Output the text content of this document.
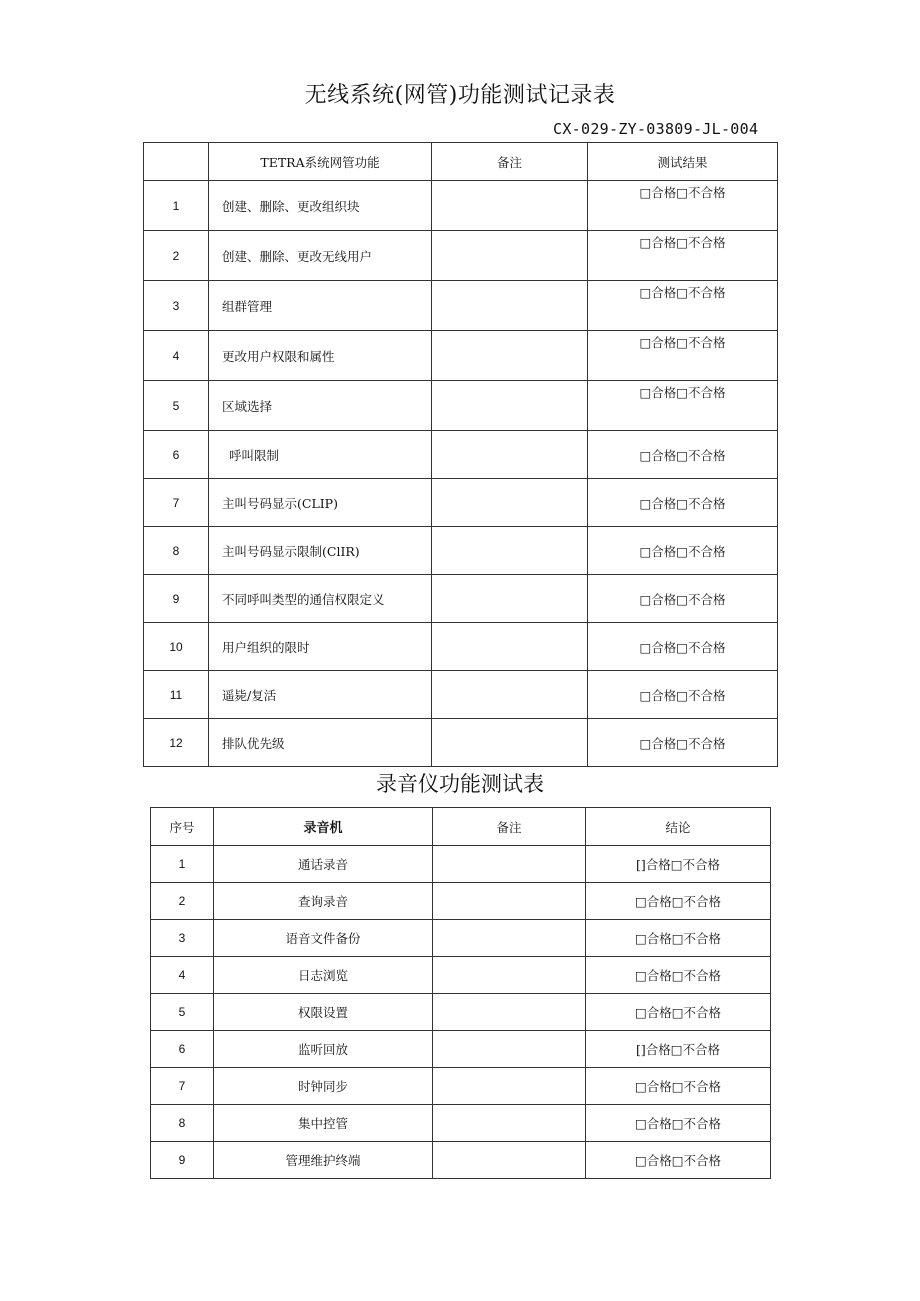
无线系统(网管)功能测试记录表
CX-029-ZY-03809-JL-004
	TETRA系统网管功能	备注	测试结果
1	创建、删除、更改组织块		□合格□不合格
2	创建、删除、更改无线用户		□合格□不合格
3	组群管理		□合格□不合格
4	更改用户权限和属性		□合格□不合格
5	区域选择		□合格□不合格
6	呼叫限制		□合格□不合格
7	主叫号码显示(CLIP)		□合格□不合格
8	主叫号码显示限制(ClIR)		□合格□不合格
9	不同呼叫类型的通信权限定义		□合格□不合格
10	用户组织的限时		□合格□不合格
11	遥毙/复活		□合格□不合格
12	排队优先级		□合格□不合格
录音仪功能测试表
序号	录音机	备注	结论
1	通话录音		[]合格□不合格
2	查询录音		□合格□不合格
3	语音文件备份		□合格□不合格
4	日志浏览		□合格□不合格
5	权限设置		□合格□不合格
6	监听回放		[]合格□不合格
7	时钟同步		□合格□不合格
8	集中控管		□合格□不合格
9	管理维护终端		□合格□不合格
